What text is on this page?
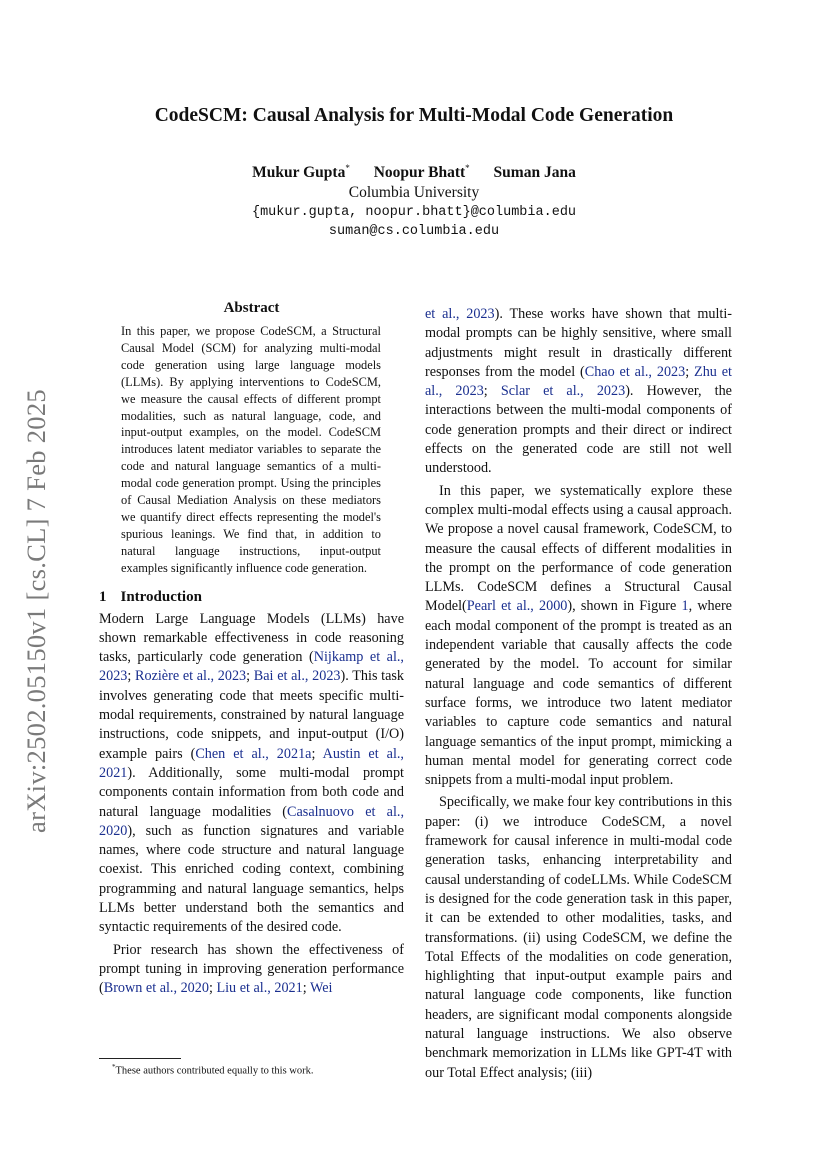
CodeSCM: Causal Analysis for Multi-Modal Code Generation
Mukur Gupta* Noopur Bhatt* Suman Jana
Columbia University
{mukur.gupta, noopur.bhatt}@columbia.edu
suman@cs.columbia.edu
arXiv:2502.05150v1 [cs.CL] 7 Feb 2025
Abstract

In this paper, we propose CodeSCM, a Structural Causal Model (SCM) for analyzing multi-modal code generation using large language models (LLMs). By applying interventions to CodeSCM, we measure the causal effects of different prompt modalities, such as natural language, code, and input-output examples, on the model. CodeSCM introduces latent mediator variables to separate the code and natural language semantics of a multi-modal code generation prompt. Using the principles of Causal Mediation Analysis on these mediators we quantify direct effects representing the model's spurious leanings. We find that, in addition to natural language instructions, input-output examples significantly influence code generation.

1 Introduction

Modern Large Language Models (LLMs) have shown remarkable effectiveness in code reasoning tasks, particularly code generation (Nijkamp et al., 2023; Rozière et al., 2023; Bai et al., 2023). This task involves generating code that meets specific multi-modal requirements, constrained by natural language instructions, code snippets, and input-output (I/O) example pairs (Chen et al., 2021a; Austin et al., 2021). Additionally, some multi-modal prompt components contain information from both code and natural language modalities (Casalnuovo et al., 2020), such as function signatures and variable names, where code structure and natural language coexist. This enriched coding context, combining programming and natural language semantics, helps LLMs better understand both the semantics and syntactic requirements of the desired code.

Prior research has shown the effectiveness of prompt tuning in improving generation performance (Brown et al., 2020; Liu et al., 2021; Wei

et al., 2023). These works have shown that multi-modal prompts can be highly sensitive, where small adjustments might result in drastically different responses from the model (Chao et al., 2023; Zhu et al., 2023; Sclar et al., 2023). However, the interactions between the multi-modal components of code generation prompts and their direct or indirect effects on the generated code are still not well understood.

In this paper, we systematically explore these complex multi-modal effects using a causal approach. We propose a novel causal framework, CodeSCM, to measure the causal effects of different modalities in the prompt on the performance of code generation LLMs. CodeSCM defines a Structural Causal Model(Pearl et al., 2000), shown in Figure 1, where each modal component of the prompt is treated as an independent variable that causally affects the code generated by the model. To account for similar natural language and code semantics of different surface forms, we introduce two latent mediator variables to capture code semantics and natural language semantics of the input prompt, mimicking a human mental model for generating correct code snippets from a multi-modal input problem.

Specifically, we make four key contributions in this paper: (i) we introduce CodeSCM, a novel framework for causal inference in multi-modal code generation tasks, enhancing interpretability and causal understanding of codeLLMs. While CodeSCM is designed for the code generation task in this paper, it can be extended to other modalities, tasks, and transformations. (ii) using CodeSCM, we define the Total Effects of the modalities on code generation, highlighting that input-output example pairs and natural language code components, like function headers, are significant modal components alongside natural language instructions. We also observe benchmark memorization in LLMs like GPT-4T with our Total Effect analysis; (iii)

*These authors contributed equally to this work.
